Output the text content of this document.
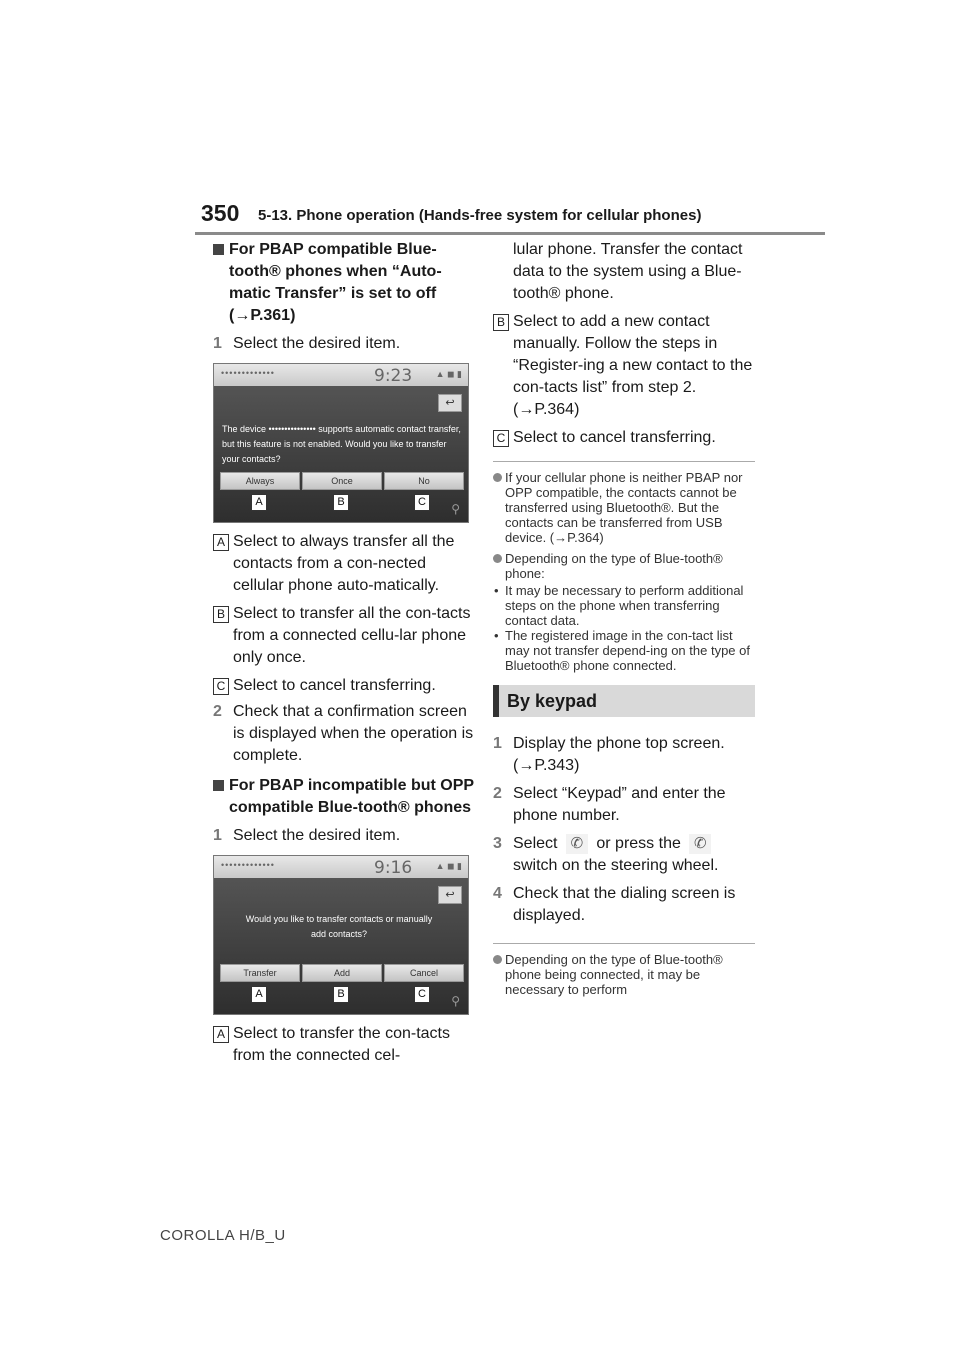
350 5-13. Phone operation (Hands-free system for cellular phones)

For PBAP compatible Blue-tooth® phones when “Auto-matic Transfer” is set to off (→P.361)

1 Select the desired item.

•••••••••••••	9:23	▲ ◼ ▮
↩
The device ••••••••••••••• supports automatic contact transfer, but this feature is not enabled. Would you like to transfer your contacts?
Always	Once	No
A	B	C	⚲

A Select to always transfer all the contacts from a con-nected cellular phone auto-matically.

B Select to transfer all the con-tacts from a connected cellu-lar phone only once.

C Select to cancel transferring.

2 Check that a confirmation screen is displayed when the operation is complete.

For PBAP incompatible but OPP compatible Blue-tooth® phones

1 Select the desired item.

•••••••••••••	9:16	▲ ◼ ▮
↩
Would you like to transfer contacts or manually add contacts?
Transfer	Add	Cancel
A	B	C	⚲

A Select to transfer the con-tacts from the connected cel-

lular phone. Transfer the contact data to the system using a Blue-tooth® phone.

B Select to add a new contact manually. Follow the steps in “Register-ing a new contact to the con-tacts list” from step 2. (→P.364)

C Select to cancel transferring.

If your cellular phone is neither PBAP nor OPP compatible, the contacts cannot be transferred using Bluetooth®. But the contacts can be transferred from USB device. (→P.364)

Depending on the type of Blue-tooth® phone:

• It may be necessary to perform additional steps on the phone when transferring contact data.

• The registered image in the con-tact list may not transfer depend-ing on the type of Bluetooth® phone connected.

By keypad

1 Display the phone top screen. (→P.343)

2 Select “Keypad” and enter the phone number.

3 Select ✆ or press the ✆ switch on the steering wheel.

4 Check that the dialing screen is displayed.

Depending on the type of Blue-tooth® phone being connected, it may be necessary to perform

COROLLA H/B_U
